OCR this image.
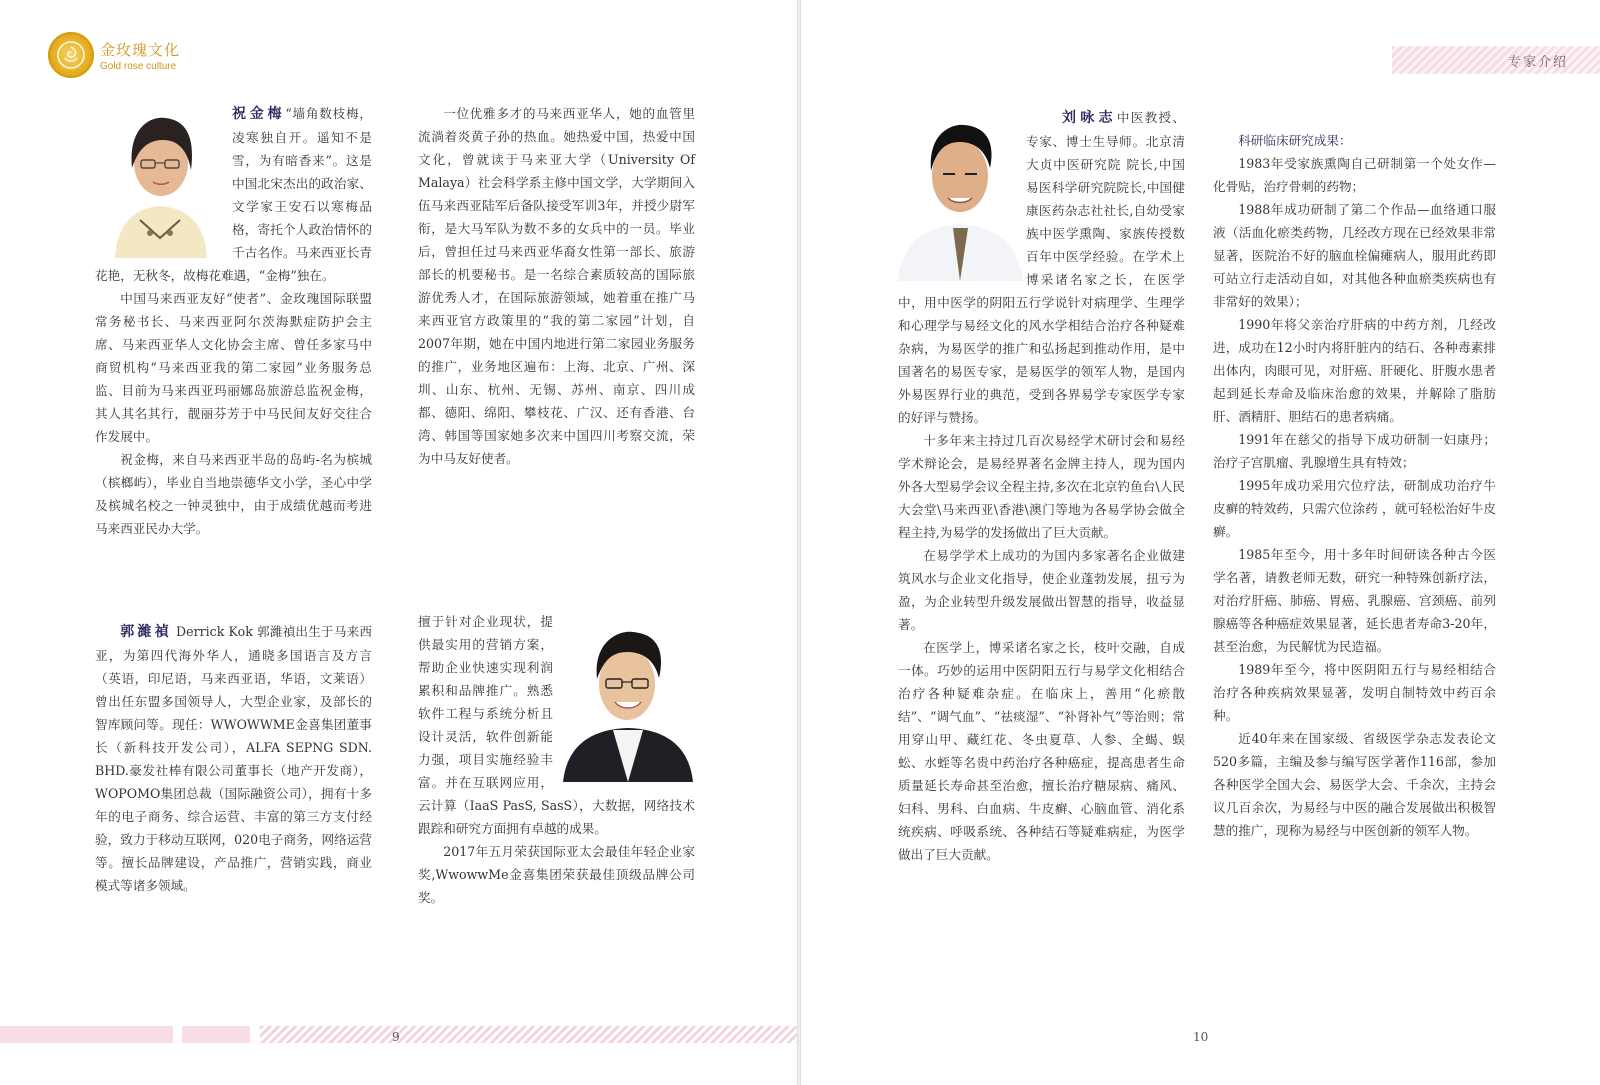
金玫瑰文化
Gold rose culture

祝金梅“墙角数枝梅，凌寒独自开。遥知不是雪，为有暗香来”。这是中国北宋杰出的政治家、文学家王安石以寒梅品格，寄托个人政治情怀的千古名作。马来西亚长青花艳，无秋冬，故梅花难遇，“金梅”独在。

中国马来西亚友好“使者”、金玫瑰国际联盟常务秘书长、马来西亚阿尔茨海默症防护会主席、马来西亚华人文化协会主席、曾任多家马中商贸机构“马来西亚我的第二家园”业务服务总监、目前为马来西亚玛丽娜岛旅游总监祝金梅，其人其名其行，靓丽芬芳于中马民间友好交往合作发展中。

祝金梅，来自马来西亚半岛的岛屿-名为槟城（槟榔屿），毕业自当地崇德华文小学，圣心中学及槟城名校之一钟灵独中，由于成绩优越而考进马来西亚民办大学。

一位优雅多才的马来西亚华人，她的血管里流淌着炎黄子孙的热血。她热爱中国，热爱中国文化，曾就读于马来亚大学（University Of Malaya）社会科学系主修中国文学，大学期间入伍马来西亚陆军后备队接受军训3年，并授少尉军衔，是大马军队为数不多的女兵中的一员。毕业后，曾担任过马来西亚华裔女性第一部长、旅游部长的机要秘书。是一名综合素质较高的国际旅游优秀人才，在国际旅游领域，她着重在推广马来西亚官方政策里的“我的第二家园”计划，自2007年期，她在中国内地进行第二家园业务服务的推广，业务地区遍布：上海、北京、广州、深圳、山东、杭州、无锡、苏州、南京、四川成都、德阳、绵阳、攀枝花、广汉、还有香港、台湾、韩国等国家她多次来中国四川考察交流，荣为中马友好使者。

郭濰禎 Derrick Kok 郭濰禎出生于马来西亚，为第四代海外华人，通晓多国语言及方言（英语，印尼语，马来西亚语，华语，文莱语）曾出任东盟多国领导人，大型企业家，及部长的智库顾问等。现任：WWOWWME金喜集团董事长（新科技开发公司），ALFA SEPNG SDN. BHD.豪发社棒有限公司董事长（地产开发商），WOPOMO集团总裁（国际融资公司），拥有十多年的电子商务、综合运营、丰富的第三方支付经验，致力于移动互联网，020电子商务，网络运营等。擅长品牌建设，产品推广，营销实践，商业模式等诸多领域。

擅于针对企业现状，提供最实用的营销方案，帮助企业快速实现利润累积和品牌推广。熟悉软件工程与系统分析且设计灵活，软件创新能力强，项目实施经验丰富。并在互联网应用，云计算（IaaS PasS, SasS），大数据，网络技术跟踪和研究方面拥有卓越的成果。

2017年五月荣获国际亚太会最佳年轻企业家奖,WwowwMe金喜集团荣获最佳顶级品牌公司奖。

9
专家介绍

刘咏志中医教授、专家、博士生导师。北京清大贞中医研究院 院长,中国易医科学研究院院长,中国健康医药杂志社社长,自幼受家族中医学熏陶、家族传授数百年中医学经验。在学术上博采诸名家之长，在医学中，用中医学的阴阳五行学说针对病理学、生理学和心理学与易经文化的风水学相结合治疗各种疑难杂病，为易医学的推广和弘扬起到推动作用，是中国著名的易医专家，是易医学的领军人物，是国内外易医界行业的典范，受到各界易学专家医学专家的好评与赞扬。

十多年来主持过几百次易经学术研讨会和易经学术辩论会，是易经界著名金牌主持人，现为国内外各大型易学会议全程主持,多次在北京钓鱼台\人民大会堂\马来西亚\香港\澳门等地为各易学协会做全程主持,为易学的发扬做出了巨大贡献。

在易学学术上成功的为国内多家著名企业做建筑风水与企业文化指导，使企业蓬勃发展，扭亏为盈，为企业转型升级发展做出智慧的指导，收益显著。

在医学上，博采诸名家之长，枝叶交融，自成一体。巧妙的运用中医阴阳五行与易学文化相结合治疗各种疑难杂症。在临床上，善用“化瘀散结”、“调气血”、“祛痰湿”、“补肾补气”等治则；常用穿山甲、藏红花、冬虫夏草、人参、全蝎、蜈蚣、水蛭等名贵中药治疗各种癌症，提高患者生命质量延长寿命甚至治愈，擅长治疗糖尿病、痛风、妇科、男科、白血病、牛皮癣、心脑血管、消化系统疾病、呼吸系统、各种结石等疑难病症，为医学做出了巨大贡献。

科研临床研究成果：

1983年受家族熏陶自己研制第一个处女作—化骨贴，治疗骨刺的药物；

1988年成功研制了第二个作品—血络通口服液（活血化瘀类药物，几经改方现在已经效果非常显著，医院治不好的脑血栓偏瘫病人，服用此药即可站立行走活动自如，对其他各种血瘀类疾病也有非常好的效果）；

1990年将父亲治疗肝病的中药方剂，几经改进，成功在12小时内将肝脏内的结石、各种毒素排出体内，肉眼可见，对肝癌、肝硬化、肝腹水患者起到延长寿命及临床治愈的效果，并解除了脂肪肝、酒精肝、胆结石的患者病痛。

1991年在慈父的指导下成功研制一妇康丹；治疗子宫肌瘤、乳腺增生具有特效；

1995年成功采用穴位疗法，研制成功治疗牛皮癣的特效药，只需穴位涂药 ，就可轻松治好牛皮癣。

1985年至今，用十多年时间研读各种古今医学名著，请教老师无数，研究一种特殊创新疗法，对治疗肝癌、肺癌、胃癌、乳腺癌、宫颈癌、前列腺癌等各种癌症效果显著，延长患者寿命3-20年，甚至治愈，为民解忧为民造福。

1989年至今，将中医阴阳五行与易经相结合治疗各种疾病效果显著，发明自制特效中药百余种。

近40年来在国家级、省级医学杂志发表论文520多篇，主编及参与编写医学著作116部，参加各种医学全国大会、易医学大会、千余次，主持会议几百余次，为易经与中医的融合发展做出积极智慧的推广，现称为易经与中医创新的领军人物。

10
